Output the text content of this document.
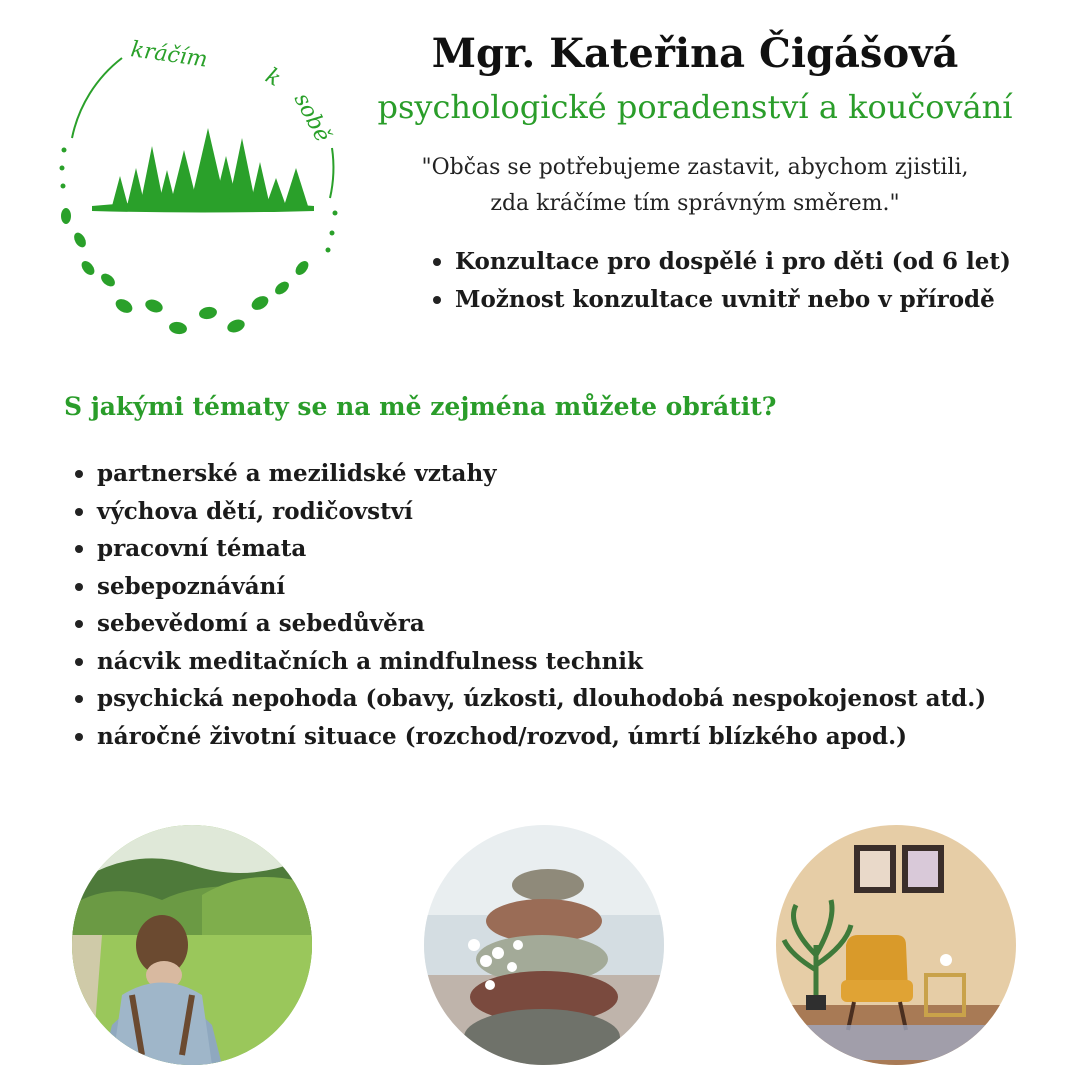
kráčím
k
sobě
Mgr. Kateřina Čigášová
psychologické poradenství a koučování
"Občas se potřebujeme zastavit, abychom zjistili,
zda kráčíme tím správným směrem."
Konzultace pro dospělé i pro děti (od 6 let)
Možnost konzultace uvnitř nebo v přírodě
S jakými tématy se na mě zejména můžete obrátit?
partnerské a mezilidské vztahy
výchova dětí, rodičovství
pracovní témata
sebepoznávání
sebevědomí a sebedůvěra
nácvik meditačních a mindfulness technik
psychická nepohoda (obavy, úzkosti, dlouhodobá nespokojenost atd.)
náročné životní situace (rozchod/rozvod, úmrtí blízkého apod.)
